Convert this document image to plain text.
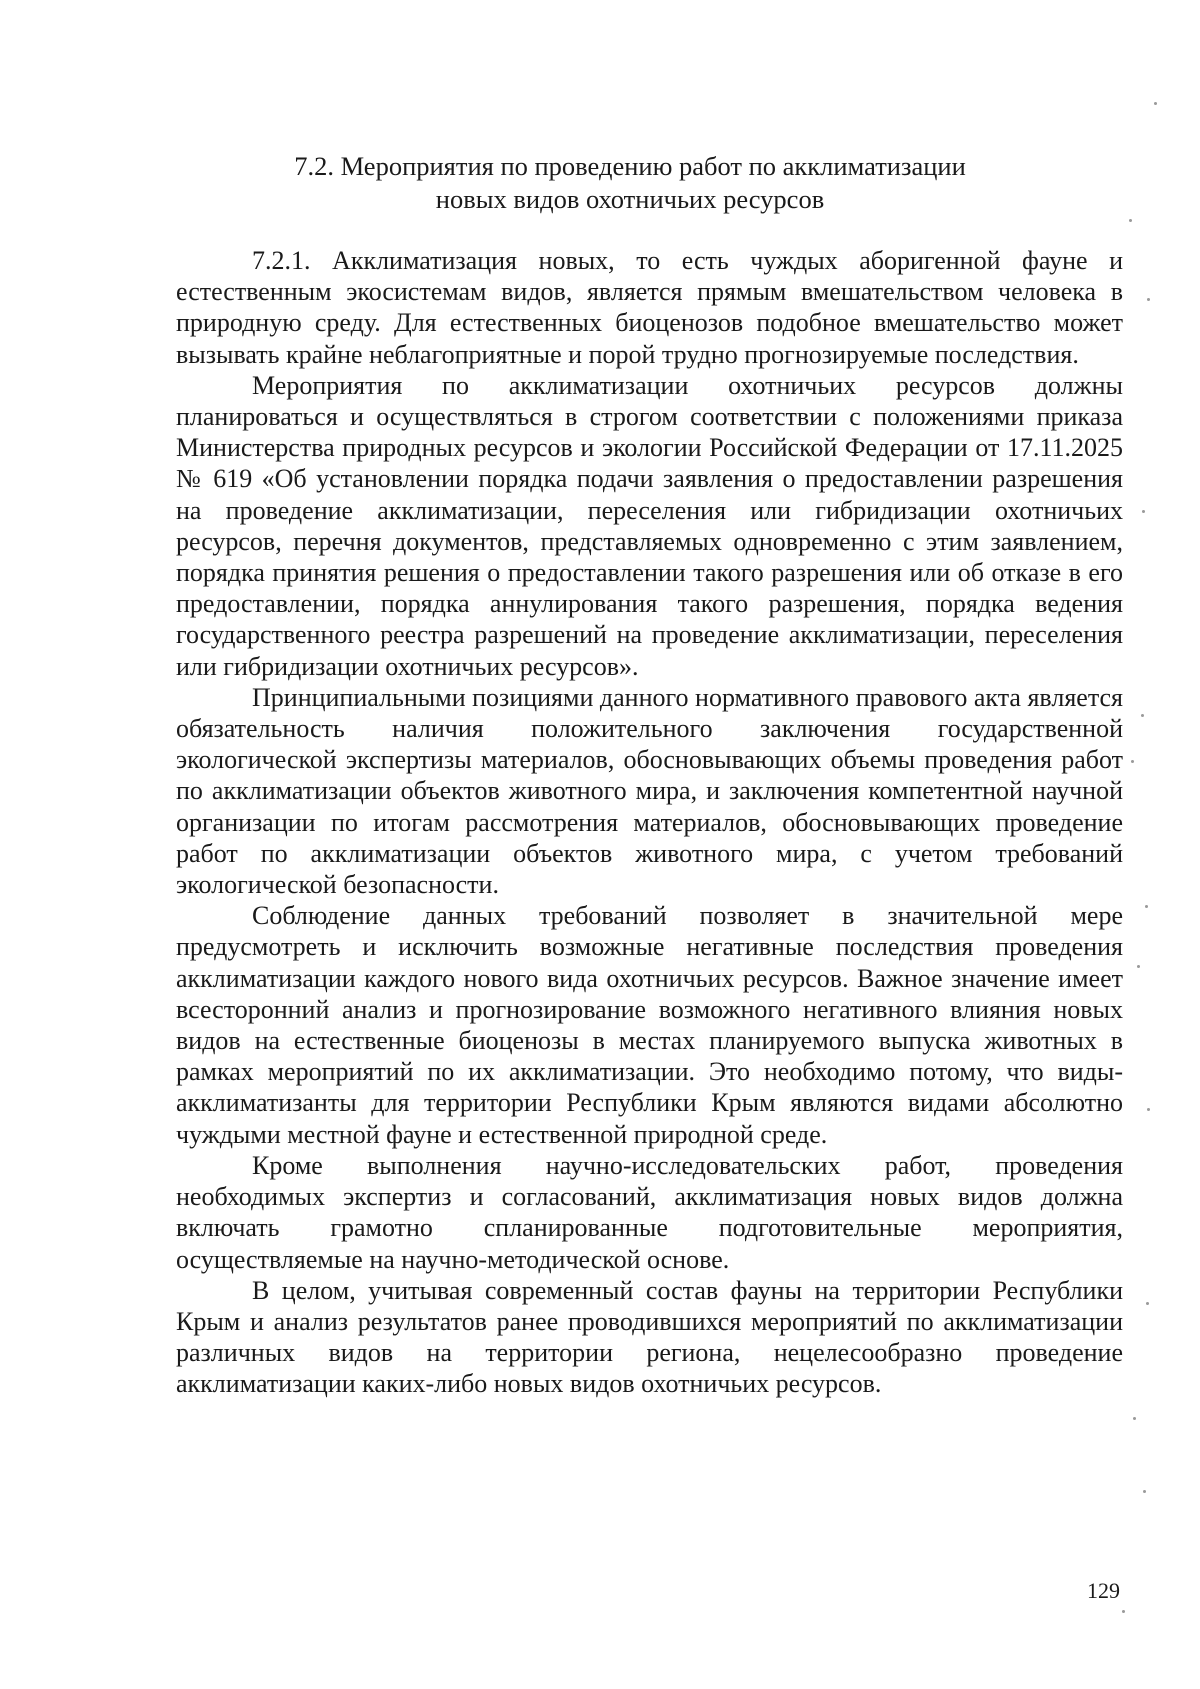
7.2. Мероприятия по проведению работ по акклиматизации
новых видов охотничьих ресурсов

7.2.1. Акклиматизация новых, то есть чуждых аборигенной фауне и естественным экосистемам видов, является прямым вмешательством человека в природную среду. Для естественных биоценозов подобное вмешательство может вызывать крайне неблагоприятные и порой трудно прогнозируемые последствия.

Мероприятия по акклиматизации охотничьих ресурсов должны планироваться и осуществляться в строгом соответствии с положениями приказа Министерства природных ресурсов и экологии Российской Федерации от 17.11.2025 № 619 «Об установлении порядка подачи заявления о предоставлении разрешения на проведение акклиматизации, переселения или гибридизации охотничьих ресурсов, перечня документов, представляемых одновременно с этим заявлением, порядка принятия решения о предоставлении такого разрешения или об отказе в его предоставлении, порядка аннулирования такого разрешения, порядка ведения государственного реестра разрешений на проведение акклиматизации, переселения или гибридизации охотничьих ресурсов».

Принципиальными позициями данного нормативного правового акта является обязательность наличия положительного заключения государственной экологической экспертизы материалов, обосновывающих объемы проведения работ по акклиматизации объектов животного мира, и заключения компетентной научной организации по итогам рассмотрения материалов, обосновывающих проведение работ по акклиматизации объектов животного мира, с учетом требований экологической безопасности.

Соблюдение данных требований позволяет в значительной мере предусмотреть и исключить возможные негативные последствия проведения акклиматизации каждого нового вида охотничьих ресурсов. Важное значение имеет всесторонний анализ и прогнозирование возможного негативного влияния новых видов на естественные биоценозы в местах планируемого выпуска животных в рамках мероприятий по их акклиматизации. Это необходимо потому, что виды-акклиматизанты для территории Республики Крым являются видами абсолютно чуждыми местной фауне и естественной природной среде.

Кроме выполнения научно-исследовательских работ, проведения необходимых экспертиз и согласований, акклиматизация новых видов должна включать грамотно спланированные подготовительные мероприятия, осуществляемые на научно-методической основе.

В целом, учитывая современный состав фауны на территории Республики Крым и анализ результатов ранее проводившихся мероприятий по акклиматизации различных видов на территории региона, нецелесообразно проведение акклиматизации каких-либо новых видов охотничьих ресурсов.

129
